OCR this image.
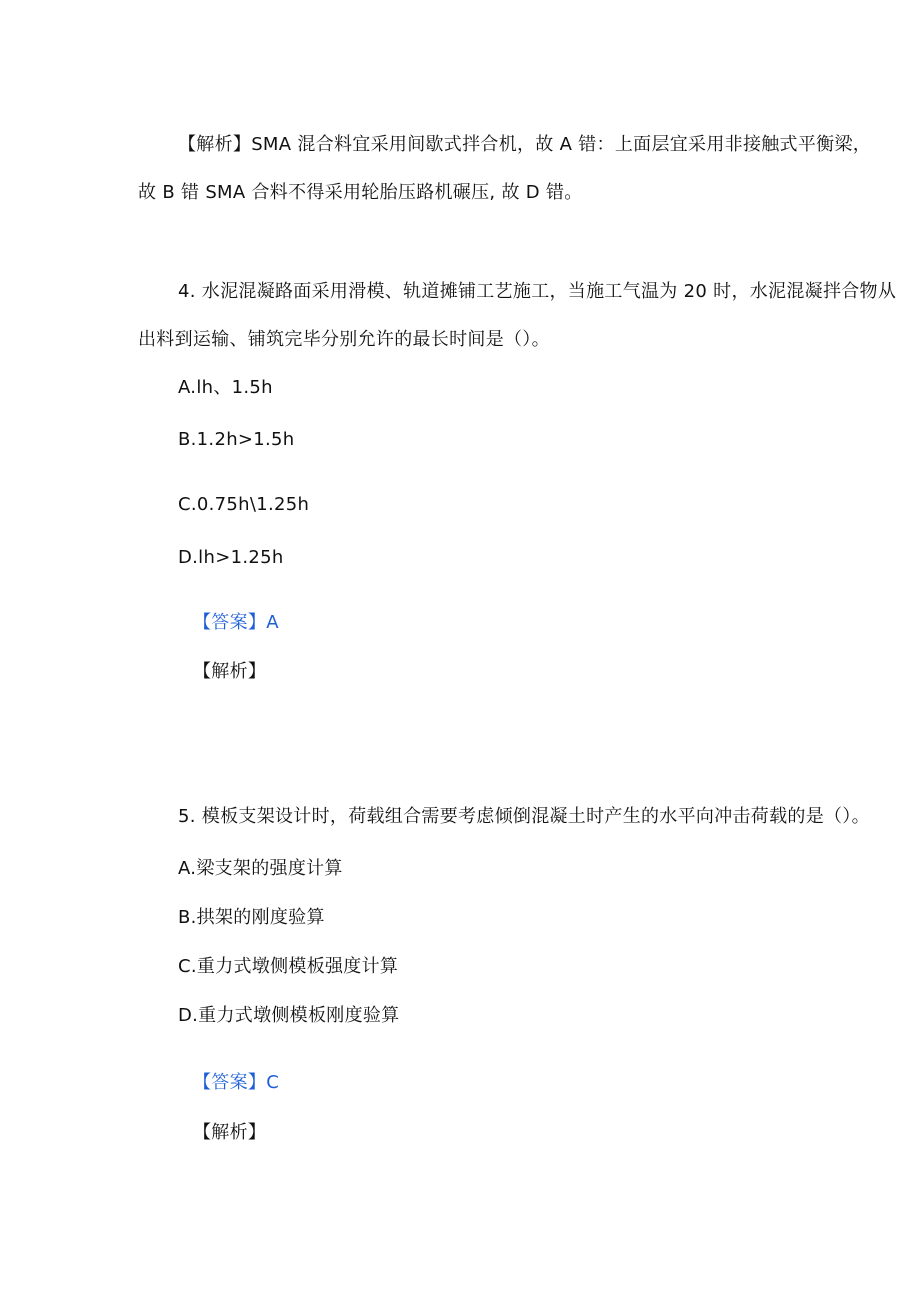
【解析】SMA 混合料宜采用间歇式拌合机，故 A 错：上面层宜采用非接触式平衡梁，
故 B 错 SMA 合料不得采用轮胎压路机碾压, 故 D 错。
4. 水泥混凝路面采用滑模、轨道摊铺工艺施工，当施工气温为 20 时，水泥混凝拌合物从
出料到运输、铺筑完毕分别允许的最长时间是（）。
A.lh、1.5h
B.1.2h>1.5h
C.0.75h\1.25h
D.lh>1.25h
【答案】A
【解析】
5. 模板支架设计时，荷载组合需要考虑倾倒混凝土时产生的水平向冲击荷载的是（）。
A.梁支架的强度计算
B.拱架的刚度验算
C.重力式墩侧模板强度计算
D.重力式墩侧模板刚度验算
【答案】C
【解析】
